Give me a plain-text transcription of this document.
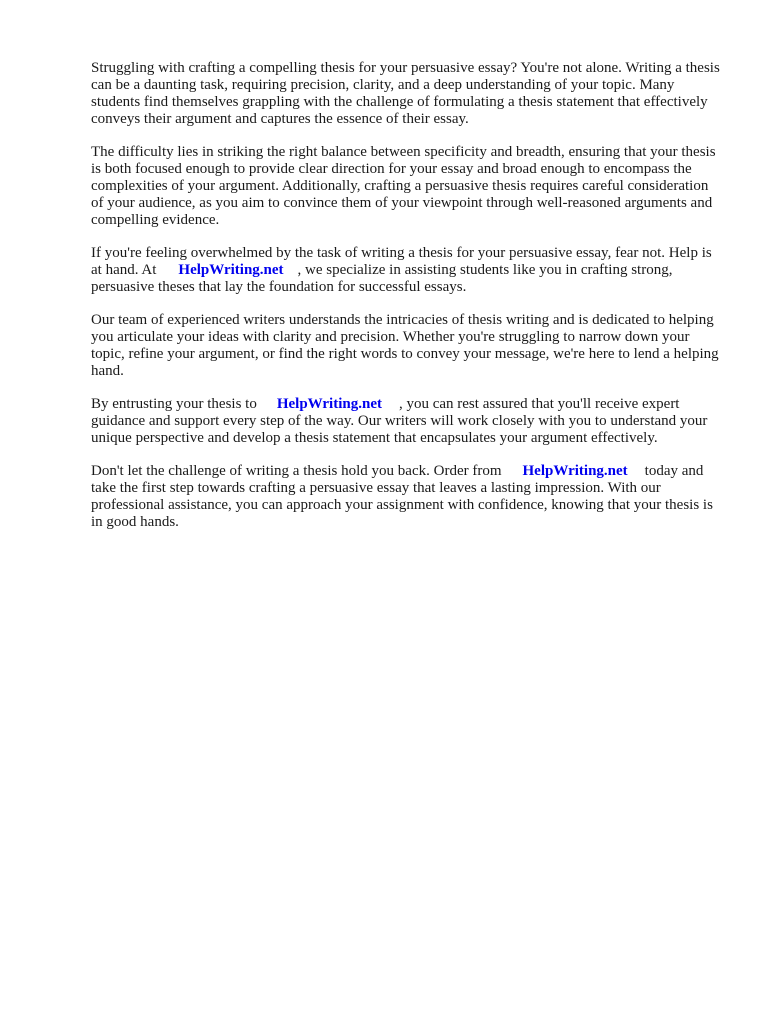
Struggling with crafting a compelling thesis for your persuasive essay? You're not alone. Writing a thesis can be a daunting task, requiring precision, clarity, and a deep understanding of your topic. Many students find themselves grappling with the challenge of formulating a thesis statement that effectively conveys their argument and captures the essence of their essay.

The difficulty lies in striking the right balance between specificity and breadth, ensuring that your thesis is both focused enough to provide clear direction for your essay and broad enough to encompass the complexities of your argument. Additionally, crafting a persuasive thesis requires careful consideration of your audience, as you aim to convince them of your viewpoint through well-reasoned arguments and compelling evidence.

If you're feeling overwhelmed by the task of writing a thesis for your persuasive essay, fear not. Help is at hand. At HelpWriting.net , we specialize in assisting students like you in crafting strong, persuasive theses that lay the foundation for successful essays.

Our team of experienced writers understands the intricacies of thesis writing and is dedicated to helping you articulate your ideas with clarity and precision. Whether you're struggling to narrow down your topic, refine your argument, or find the right words to convey your message, we're here to lend a helping hand.

By entrusting your thesis to HelpWriting.net , you can rest assured that you'll receive expert guidance and support every step of the way. Our writers will work closely with you to understand your unique perspective and develop a thesis statement that encapsulates your argument effectively.

Don't let the challenge of writing a thesis hold you back. Order from HelpWriting.net today and take the first step towards crafting a persuasive essay that leaves a lasting impression. With our professional assistance, you can approach your assignment with confidence, knowing that your thesis is in good hands.
